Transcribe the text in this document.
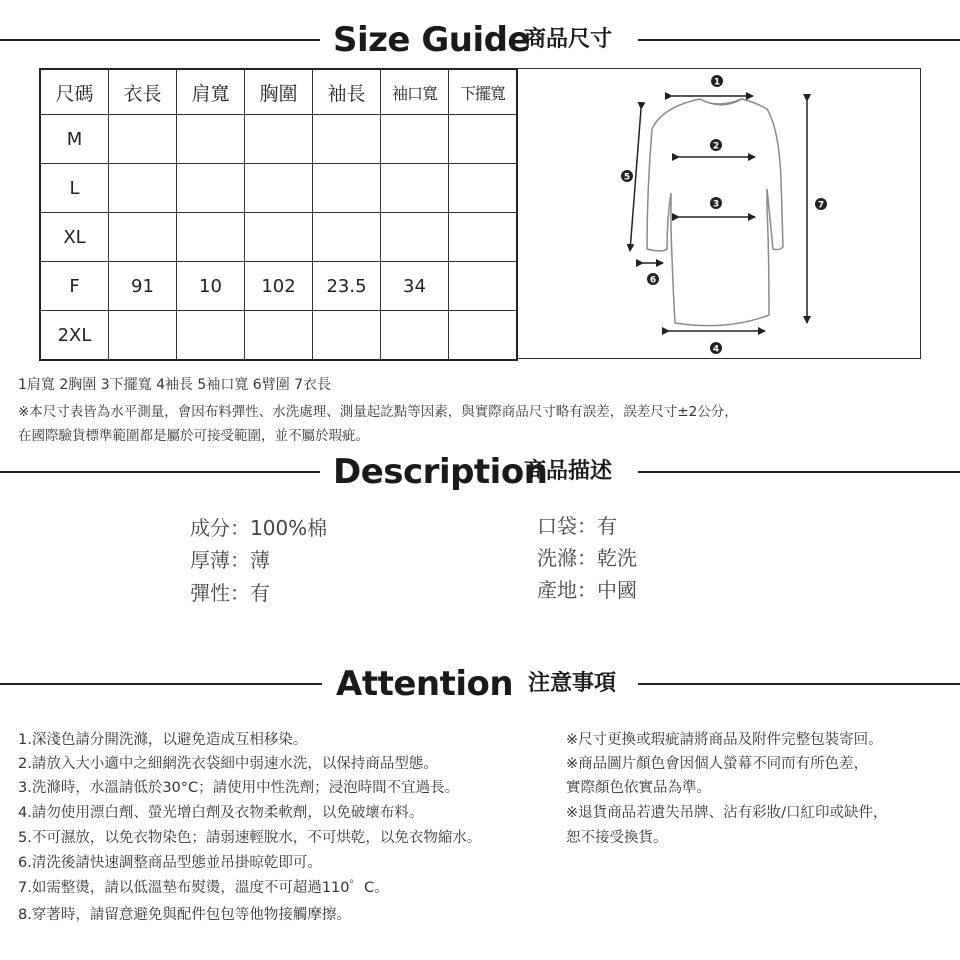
Size Guide
商品尺寸
尺碼	衣長	肩寬	胸圍	袖長	袖口寬	下擺寬
M						
L						
XL						
F	91	10	102	23.5	34	
2XL						
1
2
3
4
5
6
7
1肩寬 2胸圍 3下擺寬 4袖長 5袖口寬 6臂圍 7衣長
※本尺寸表皆為水平測量，會因布料彈性、水洗處理、測量起訖點等因素，與實際商品尺寸略有誤差，誤差尺寸±2公分，
在國際驗貨標準範圍都是屬於可接受範圍，並不屬於瑕疵。
Description
商品描述
成分：100%棉
厚薄：薄
彈性：有
口袋：有
洗滌：乾洗
產地：中國
Attention 注意事項
1.深淺色請分開洗滌，以避免造成互相移染。
2.請放入大小適中之細網洗衣袋細中弱速水洗，以保持商品型態。
3.洗滌時，水溫請低於30°C；請使用中性洗劑；浸泡時間不宜過長。
4.請勿使用漂白劑、螢光增白劑及衣物柔軟劑，以免破壞布料。
5.不可濕放，以免衣物染色；請弱速輕脫水，不可烘乾，以免衣物縮水。
6.清洗後請快速調整商品型態並吊掛晾乾即可。
7.如需整燙，請以低溫墊布熨燙，溫度不可超過110゜C。
8.穿著時，請留意避免與配件包包等他物接觸摩擦。
※尺寸更換或瑕疵請將商品及附件完整包裝寄回。
※商品圖片顏色會因個人螢幕不同而有所色差，
實際顏色依實品為準。
※退貨商品若遺失吊牌、沾有彩妝/口紅印或缺件，
恕不接受換貨。
